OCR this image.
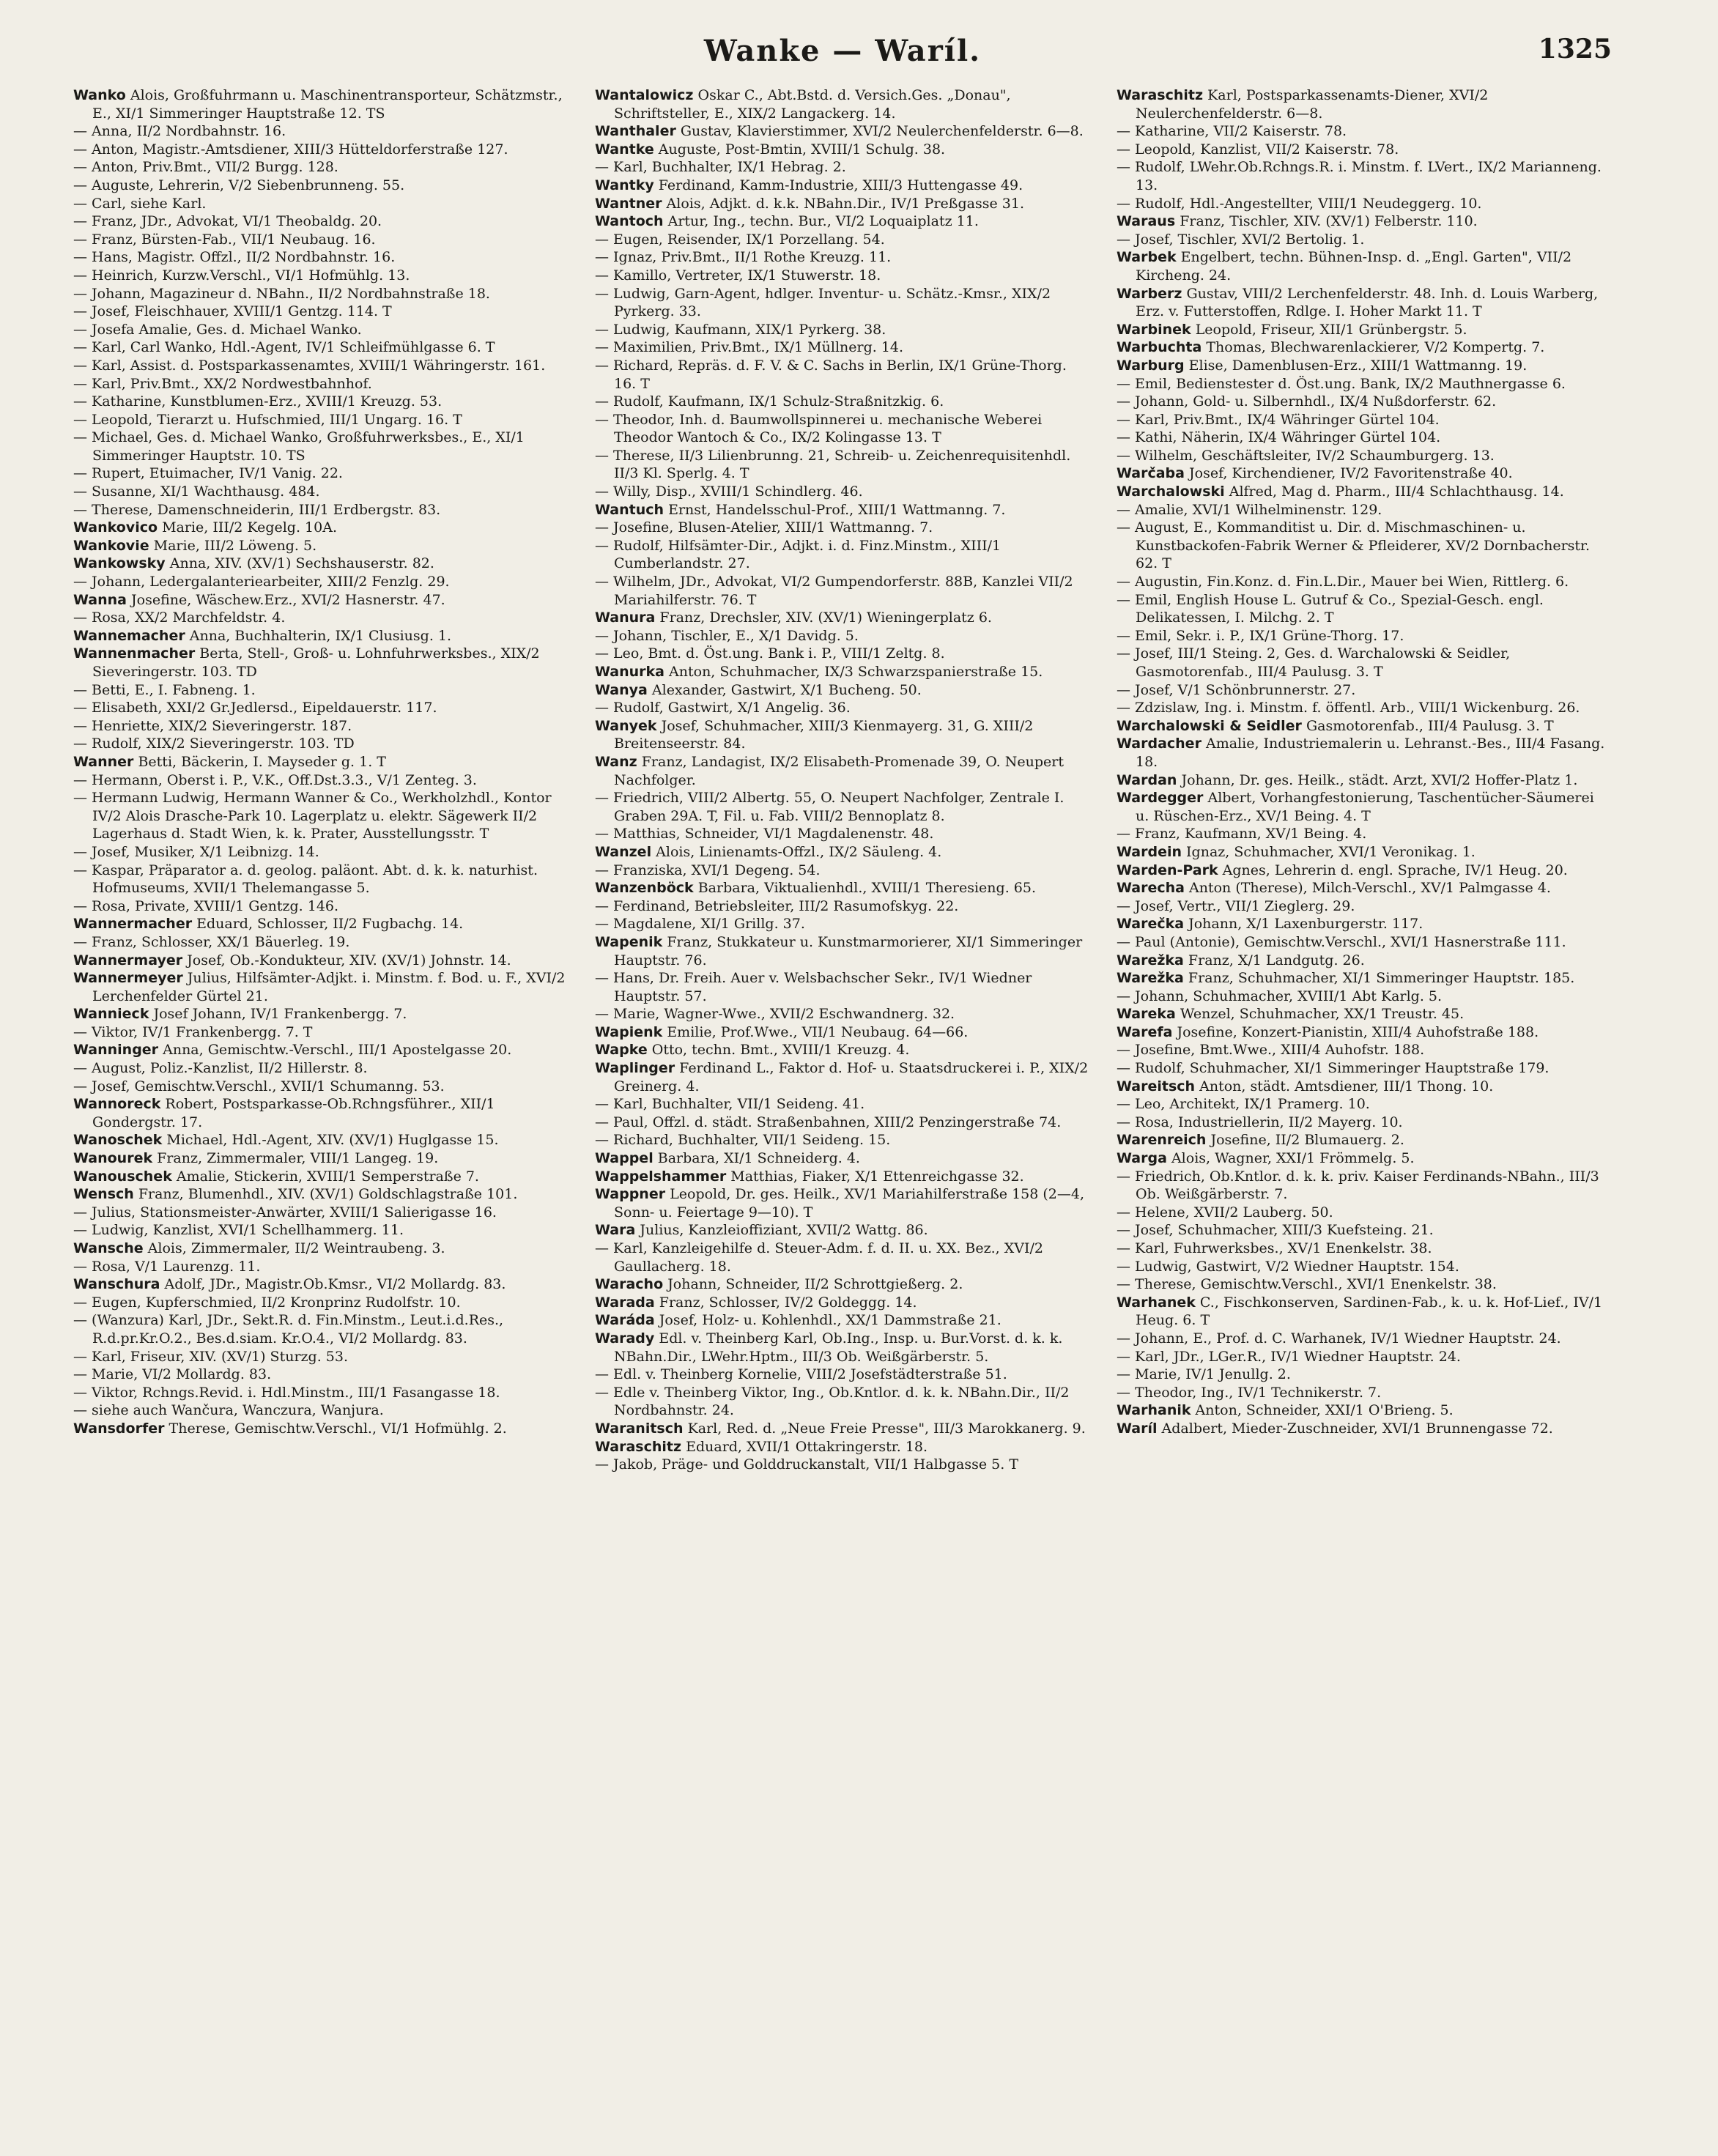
Wanke — Waríl.	1325

Wanko Alois, Großfuhrmann u. Maschinentransporteur, Schätzmstr., E., XI/1 Simmeringer Hauptstraße 12. TS

— Anna, II/2 Nordbahnstr. 16.

— Anton, Magistr.-Amtsdiener, XIII/3 Hütteldorferstraße 127.

— Anton, Priv.Bmt., VII/2 Burgg. 128.

— Auguste, Lehrerin, V/2 Siebenbrunneng. 55.

— Carl, siehe Karl.

— Franz, JDr., Advokat, VI/1 Theobaldg. 20.

— Franz, Bürsten-Fab., VII/1 Neubaug. 16.

— Hans, Magistr. Offzl., II/2 Nordbahnstr. 16.

— Heinrich, Kurzw.Verschl., VI/1 Hofmühlg. 13.

— Johann, Magazineur d. NBahn., II/2 Nordbahnstraße 18.

— Josef, Fleischhauer, XVIII/1 Gentzg. 114. T

— Josefa Amalie, Ges. d. Michael Wanko.

— Karl, Carl Wanko, Hdl.-Agent, IV/1 Schleifmühlgasse 6. T

— Karl, Assist. d. Postsparkassenamtes, XVIII/1 Währingerstr. 161.

— Karl, Priv.Bmt., XX/2 Nordwestbahnhof.

— Katharine, Kunstblumen-Erz., XVIII/1 Kreuzg. 53.

— Leopold, Tierarzt u. Hufschmied, III/1 Ungarg. 16. T

— Michael, Ges. d. Michael Wanko, Großfuhrwerksbes., E., XI/1 Simmeringer Hauptstr. 10. TS

— Rupert, Etuimacher, IV/1 Vanig. 22.

— Susanne, XI/1 Wachthausg. 484.

— Therese, Damenschneiderin, III/1 Erdbergstr. 83.

Wankovico Marie, III/2 Kegelg. 10A.

Wankovie Marie, III/2 Löweng. 5.

Wankowsky Anna, XIV. (XV/1) Sechshauserstr. 82.

— Johann, Ledergalanteriearbeiter, XIII/2 Fenzlg. 29.

Wanna Josefine, Wäschew.Erz., XVI/2 Hasnerstr. 47.

— Rosa, XX/2 Marchfeldstr. 4.

Wannemacher Anna, Buchhalterin, IX/1 Clusiusg. 1.

Wannenmacher Berta, Stell-, Groß- u. Lohnfuhrwerksbes., XIX/2 Sieveringerstr. 103. TD

— Betti, E., I. Fabneng. 1.

— Elisabeth, XXI/2 Gr.Jedlersd., Eipeldauerstr. 117.

— Henriette, XIX/2 Sieveringerstr. 187.

— Rudolf, XIX/2 Sieveringerstr. 103. TD

Wanner Betti, Bäckerin, I. Mayseder g. 1. T

— Hermann, Oberst i. P., V.K., Off.Dst.3.3., V/1 Zenteg. 3.

— Hermann Ludwig, Hermann Wanner & Co., Werkholzhdl., Kontor IV/2 Alois Drasche-Park 10. Lagerplatz u. elektr. Sägewerk II/2 Lagerhaus d. Stadt Wien, k. k. Prater, Ausstellungsstr. T

— Josef, Musiker, X/1 Leibnizg. 14.

— Kaspar, Präparator a. d. geolog. paläont. Abt. d. k. k. naturhist. Hofmuseums, XVII/1 Thelemangasse 5.

— Rosa, Private, XVIII/1 Gentzg. 146.

Wannermacher Eduard, Schlosser, II/2 Fugbachg. 14.

— Franz, Schlosser, XX/1 Bäuerleg. 19.

Wannermayer Josef, Ob.-Kondukteur, XIV. (XV/1) Johnstr. 14.

Wannermeyer Julius, Hilfsämter-Adjkt. i. Minstm. f. Bod. u. F., XVI/2 Lerchenfelder Gürtel 21.

Wannieck Josef Johann, IV/1 Frankenbergg. 7.

— Viktor, IV/1 Frankenbergg. 7. T

Wanninger Anna, Gemischtw.-Verschl., III/1 Apostelgasse 20.

— August, Poliz.-Kanzlist, II/2 Hillerstr. 8.

— Josef, Gemischtw.Verschl., XVII/1 Schumanng. 53.

Wannoreck Robert, Postsparkasse-Ob.Rchngsführer., XII/1 Gondergstr. 17.

Wanoschek Michael, Hdl.-Agent, XIV. (XV/1) Huglgasse 15.

Wanourek Franz, Zimmermaler, VIII/1 Langeg. 19.

Wanouschek Amalie, Stickerin, XVIII/1 Semperstraße 7.

Wensch Franz, Blumenhdl., XIV. (XV/1) Goldschlagstraße 101.

— Julius, Stationsmeister-Anwärter, XVIII/1 Salierigasse 16.

— Ludwig, Kanzlist, XVI/1 Schellhammerg. 11.

Wansche Alois, Zimmermaler, II/2 Weintraubeng. 3.

— Rosa, V/1 Laurenzg. 11.

Wanschura Adolf, JDr., Magistr.Ob.Kmsr., VI/2 Mollardg. 83.

— Eugen, Kupferschmied, II/2 Kronprinz Rudolfstr. 10.

— (Wanzura) Karl, JDr., Sekt.R. d. Fin.Minstm., Leut.i.d.Res., R.d.pr.Kr.O.2., Bes.d.siam. Kr.O.4., VI/2 Mollardg. 83.

— Karl, Friseur, XIV. (XV/1) Sturzg. 53.

— Marie, VI/2 Mollardg. 83.

— Viktor, Rchngs.Revid. i. Hdl.Minstm., III/1 Fasangasse 18.

— siehe auch Wančura, Wanczura, Wanjura.

Wansdorfer Therese, Gemischtw.Verschl., VI/1 Hofmühlg. 2.

Wantalowicz Oskar C., Abt.Bstd. d. Versich.Ges. „Donau", Schriftsteller, E., XIX/2 Langackerg. 14.

Wanthaler Gustav, Klavierstimmer, XVI/2 Neulerchenfelderstr. 6—8.

Wantke Auguste, Post-Bmtin, XVIII/1 Schulg. 38.

— Karl, Buchhalter, IX/1 Hebrag. 2.

Wantky Ferdinand, Kamm-Industrie, XIII/3 Huttengasse 49.

Wantner Alois, Adjkt. d. k.k. NBahn.Dir., IV/1 Preßgasse 31.

Wantoch Artur, Ing., techn. Bur., VI/2 Loquaiplatz 11.

— Eugen, Reisender, IX/1 Porzellang. 54.

— Ignaz, Priv.Bmt., II/1 Rothe Kreuzg. 11.

— Kamillo, Vertreter, IX/1 Stuwerstr. 18.

— Ludwig, Garn-Agent, hdlger. Inventur- u. Schätz.-Kmsr., XIX/2 Pyrkerg. 33.

— Ludwig, Kaufmann, XIX/1 Pyrkerg. 38.

— Maximilien, Priv.Bmt., IX/1 Müllnerg. 14.

— Richard, Repräs. d. F. V. & C. Sachs in Berlin, IX/1 Grüne-Thorg. 16. T

— Rudolf, Kaufmann, IX/1 Schulz-Straßnitzkig. 6.

— Theodor, Inh. d. Baumwollspinnerei u. mechanische Weberei Theodor Wantoch & Co., IX/2 Kolingasse 13. T

— Therese, II/3 Lilienbrunng. 21, Schreib- u. Zeichenrequisitenhdl. II/3 Kl. Sperlg. 4. T

— Willy, Disp., XVIII/1 Schindlerg. 46.

Wantuch Ernst, Handelsschul-Prof., XIII/1 Wattmanng. 7.

— Josefine, Blusen-Atelier, XIII/1 Wattmanng. 7.

— Rudolf, Hilfsämter-Dir., Adjkt. i. d. Finz.Minstm., XIII/1 Cumberlandstr. 27.

— Wilhelm, JDr., Advokat, VI/2 Gumpendorferstr. 88B, Kanzlei VII/2 Mariahilferstr. 76. T

Wanura Franz, Drechsler, XIV. (XV/1) Wieningerplatz 6.

— Johann, Tischler, E., X/1 Davidg. 5.

— Leo, Bmt. d. Öst.ung. Bank i. P., VIII/1 Zeltg. 8.

Wanurka Anton, Schuhmacher, IX/3 Schwarzspanierstraße 15.

Wanya Alexander, Gastwirt, X/1 Bucheng. 50.

— Rudolf, Gastwirt, X/1 Angelig. 36.

Wanyek Josef, Schuhmacher, XIII/3 Kienmayerg. 31, G. XIII/2 Breitenseerstr. 84.

Wanz Franz, Landagist, IX/2 Elisabeth-Promenade 39, O. Neupert Nachfolger.

— Friedrich, VIII/2 Albertg. 55, O. Neupert Nachfolger, Zentrale I. Graben 29A. T, Fil. u. Fab. VIII/2 Bennoplatz 8.

— Matthias, Schneider, VI/1 Magdalenenstr. 48.

Wanzel Alois, Linienamts-Offzl., IX/2 Säuleng. 4.

— Franziska, XVI/1 Degeng. 54.

Wanzenböck Barbara, Viktualienhdl., XVIII/1 Theresieng. 65.

— Ferdinand, Betriebsleiter, III/2 Rasumofskyg. 22.

— Magdalene, XI/1 Grillg. 37.

Wapenik Franz, Stukkateur u. Kunstmarmorierer, XI/1 Simmeringer Hauptstr. 76.

— Hans, Dr. Freih. Auer v. Welsbachscher Sekr., IV/1 Wiedner Hauptstr. 57.

— Marie, Wagner-Wwe., XVII/2 Eschwandnerg. 32.

Wapienk Emilie, Prof.Wwe., VII/1 Neubaug. 64—66.

Wapke Otto, techn. Bmt., XVIII/1 Kreuzg. 4.

Waplinger Ferdinand L., Faktor d. Hof- u. Staatsdruckerei i. P., XIX/2 Greinerg. 4.

— Karl, Buchhalter, VII/1 Seideng. 41.

— Paul, Offzl. d. städt. Straßenbahnen, XIII/2 Penzingerstraße 74.

— Richard, Buchhalter, VII/1 Seideng. 15.

Wappel Barbara, XI/1 Schneiderg. 4.

Wappelshammer Matthias, Fiaker, X/1 Ettenreichgasse 32.

Wappner Leopold, Dr. ges. Heilk., XV/1 Mariahilferstraße 158 (2—4, Sonn- u. Feiertage 9—10). T

Wara Julius, Kanzleioffiziant, XVII/2 Wattg. 86.

— Karl, Kanzleigehilfe d. Steuer-Adm. f. d. II. u. XX. Bez., XVI/2 Gaullacherg. 18.

Waracho Johann, Schneider, II/2 Schrottgießerg. 2.

Warada Franz, Schlosser, IV/2 Goldeggg. 14.

Waráda Josef, Holz- u. Kohlenhdl., XX/1 Dammstraße 21.

Warady Edl. v. Theinberg Karl, Ob.Ing., Insp. u. Bur.Vorst. d. k. k. NBahn.Dir., LWehr.Hptm., III/3 Ob. Weißgärberstr. 5.

— Edl. v. Theinberg Kornelie, VIII/2 Josefstädterstraße 51.

— Edle v. Theinberg Viktor, Ing., Ob.Kntlor. d. k. k. NBahn.Dir., II/2 Nordbahnstr. 24.

Waranitsch Karl, Red. d. „Neue Freie Presse", III/3 Marokkanerg. 9.

Waraschitz Eduard, XVII/1 Ottakringerstr. 18.

— Jakob, Präge- und Golddruckanstalt, VII/1 Halbgasse 5. T

Waraschitz Karl, Postsparkassenamts-Diener, XVI/2 Neulerchenfelderstr. 6—8.

— Katharine, VII/2 Kaiserstr. 78.

— Leopold, Kanzlist, VII/2 Kaiserstr. 78.

— Rudolf, LWehr.Ob.Rchngs.R. i. Minstm. f. LVert., IX/2 Marianneng. 13.

— Rudolf, Hdl.-Angestellter, VIII/1 Neudeggerg. 10.

Waraus Franz, Tischler, XIV. (XV/1) Felberstr. 110.

— Josef, Tischler, XVI/2 Bertolig. 1.

Warbek Engelbert, techn. Bühnen-Insp. d. „Engl. Garten", VII/2 Kircheng. 24.

Warberz Gustav, VIII/2 Lerchenfelderstr. 48. Inh. d. Louis Warberg, Erz. v. Futterstoffen, Rdlge. I. Hoher Markt 11. T

Warbinek Leopold, Friseur, XII/1 Grünbergstr. 5.

Warbuchta Thomas, Blechwarenlackierer, V/2 Kompertg. 7.

Warburg Elise, Damenblusen-Erz., XIII/1 Wattmanng. 19.

— Emil, Bedienstester d. Öst.ung. Bank, IX/2 Mauthnergasse 6.

— Johann, Gold- u. Silbernhdl., IX/4 Nußdorferstr. 62.

— Karl, Priv.Bmt., IX/4 Währinger Gürtel 104.

— Kathi, Näherin, IX/4 Währinger Gürtel 104.

— Wilhelm, Geschäftsleiter, IV/2 Schaumburgerg. 13.

Warčaba Josef, Kirchendiener, IV/2 Favoritenstraße 40.

Warchalowski Alfred, Mag d. Pharm., III/4 Schlachthausg. 14.

— Amalie, XVI/1 Wilhelminenstr. 129.

— August, E., Kommanditist u. Dir. d. Mischmaschinen- u. Kunstbackofen-Fabrik Werner & Pfleiderer, XV/2 Dornbacherstr. 62. T

— Augustin, Fin.Konz. d. Fin.L.Dir., Mauer bei Wien, Rittlerg. 6.

— Emil, English House L. Gutruf & Co., Spezial-Gesch. engl. Delikatessen, I. Milchg. 2. T

— Emil, Sekr. i. P., IX/1 Grüne-Thorg. 17.

— Josef, III/1 Steing. 2, Ges. d. Warchalowski & Seidler, Gasmotorenfab., III/4 Paulusg. 3. T

— Josef, V/1 Schönbrunnerstr. 27.

— Zdzislaw, Ing. i. Minstm. f. öffentl. Arb., VIII/1 Wickenburg. 26.

Warchalowski & Seidler Gasmotorenfab., III/4 Paulusg. 3. T

Wardacher Amalie, Industriemalerin u. Lehranst.-Bes., III/4 Fasang. 18.

Wardan Johann, Dr. ges. Heilk., städt. Arzt, XVI/2 Hoffer-Platz 1.

Wardegger Albert, Vorhangfestonierung, Taschentücher-Säumerei u. Rüschen-Erz., XV/1 Being. 4. T

— Franz, Kaufmann, XV/1 Being. 4.

Wardein Ignaz, Schuhmacher, XVI/1 Veronikag. 1.

Warden-Park Agnes, Lehrerin d. engl. Sprache, IV/1 Heug. 20.

Warecha Anton (Therese), Milch-Verschl., XV/1 Palmgasse 4.

— Josef, Vertr., VII/1 Zieglerg. 29.

Warečka Johann, X/1 Laxenburgerstr. 117.

— Paul (Antonie), Gemischtw.Verschl., XVI/1 Hasnerstraße 111.

Warežka Franz, X/1 Landgutg. 26.

Warežka Franz, Schuhmacher, XI/1 Simmeringer Hauptstr. 185.

— Johann, Schuhmacher, XVIII/1 Abt Karlg. 5.

Wareka Wenzel, Schuhmacher, XX/1 Treustr. 45.

Warefa Josefine, Konzert-Pianistin, XIII/4 Auhofstraße 188.

— Josefine, Bmt.Wwe., XIII/4 Auhofstr. 188.

— Rudolf, Schuhmacher, XI/1 Simmeringer Hauptstraße 179.

Wareitsch Anton, städt. Amtsdiener, III/1 Thong. 10.

— Leo, Architekt, IX/1 Pramerg. 10.

— Rosa, Industriellerin, II/2 Mayerg. 10.

Warenreich Josefine, II/2 Blumauerg. 2.

Warga Alois, Wagner, XXI/1 Frömmelg. 5.

— Friedrich, Ob.Kntlor. d. k. k. priv. Kaiser Ferdinands-NBahn., III/3 Ob. Weißgärberstr. 7.

— Helene, XVII/2 Lauberg. 50.

— Josef, Schuhmacher, XIII/3 Kuefsteing. 21.

— Karl, Fuhrwerksbes., XV/1 Enenkelstr. 38.

— Ludwig, Gastwirt, V/2 Wiedner Hauptstr. 154.

— Therese, Gemischtw.Verschl., XVI/1 Enenkelstr. 38.

Warhanek C., Fischkonserven, Sardinen-Fab., k. u. k. Hof-Lief., IV/1 Heug. 6. T

— Johann, E., Prof. d. C. Warhanek, IV/1 Wiedner Hauptstr. 24.

— Karl, JDr., LGer.R., IV/1 Wiedner Hauptstr. 24.

— Marie, IV/1 Jenullg. 2.

— Theodor, Ing., IV/1 Technikerstr. 7.

Warhanik Anton, Schneider, XXI/1 O'Brieng. 5.

Waríl Adalbert, Mieder-Zuschneider, XVI/1 Brunnengasse 72.
